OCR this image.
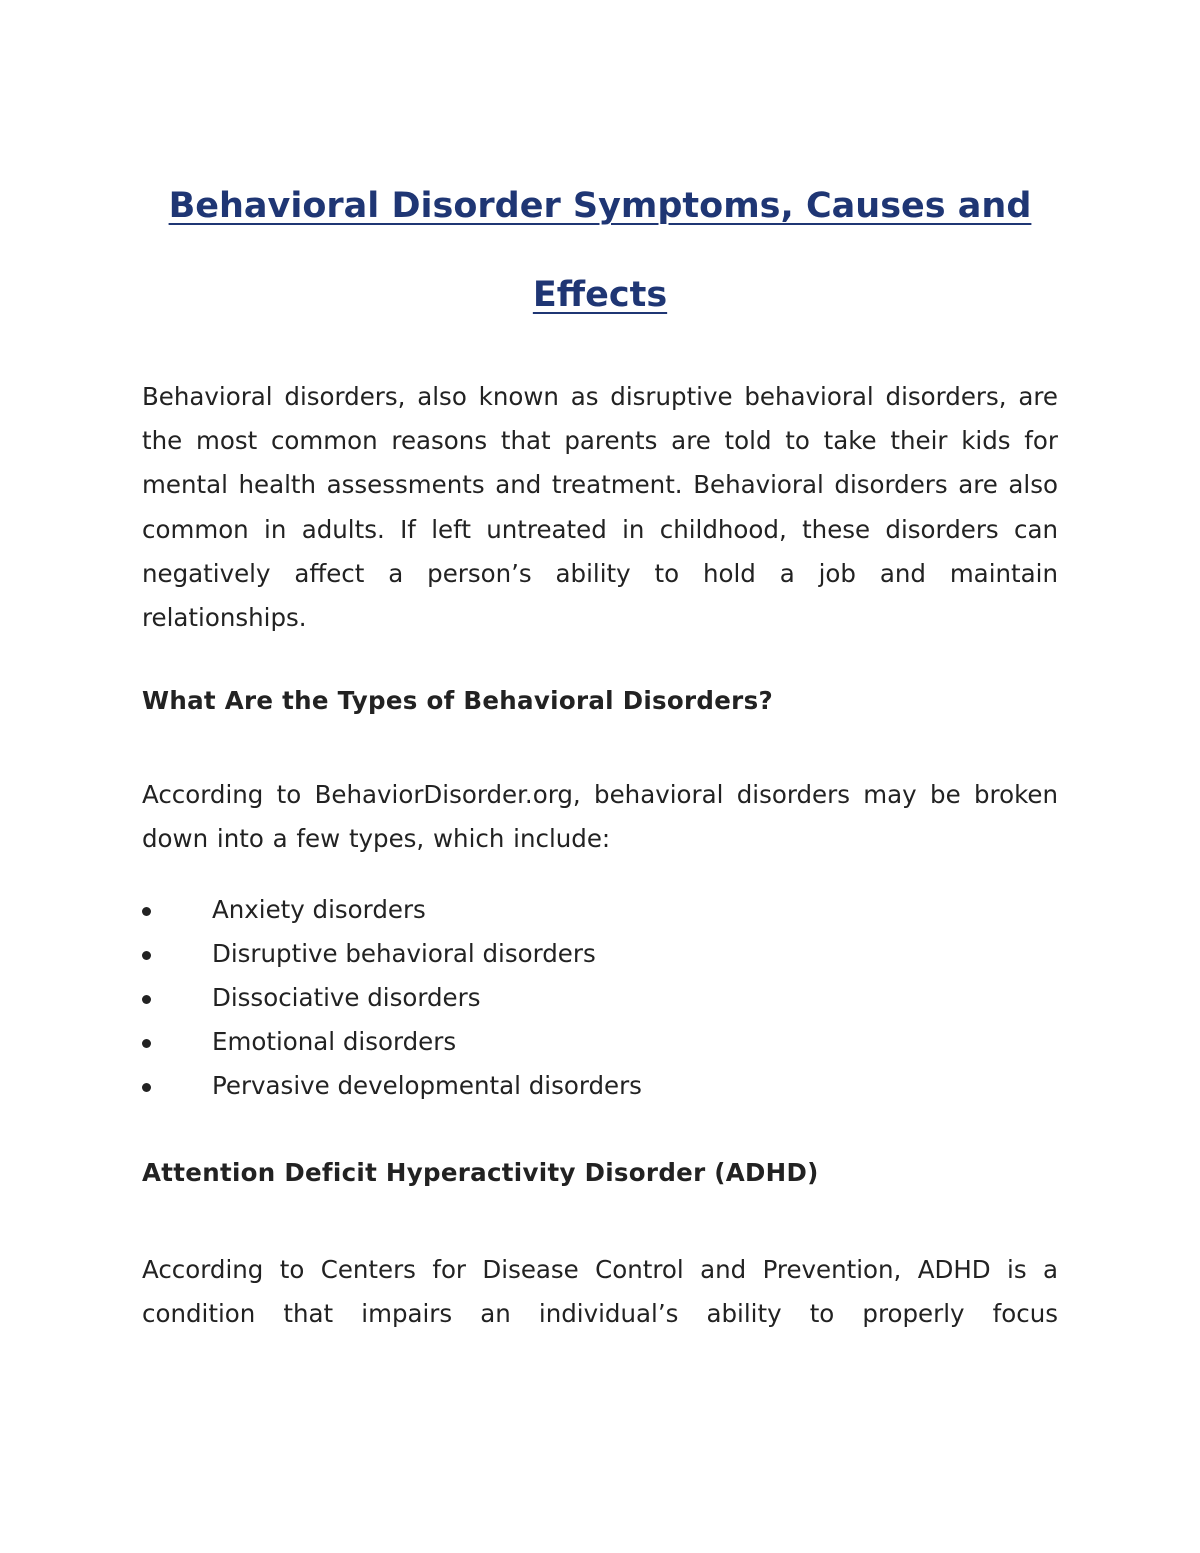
Behavioral Disorder Symptoms, Causes and
Effects

Behavioral disorders, also known as disruptive behavioral disorders, are the most common reasons that parents are told to take their kids for mental health assessments and treatment. Behavioral disorders are also common in adults. If left untreated in childhood, these disorders can negatively affect a person’s ability to hold a job and maintain relationships.

What Are the Types of Behavioral Disorders?

According to BehaviorDisorder.org, behavioral disorders may be broken down into a few types, which include:

Anxiety disorders
Disruptive behavioral disorders
Dissociative disorders
Emotional disorders
Pervasive developmental disorders
Attention Deficit Hyperactivity Disorder (ADHD)

According to Centers for Disease Control and Prevention, ADHD is a condition that impairs an individual’s ability to properly focus
